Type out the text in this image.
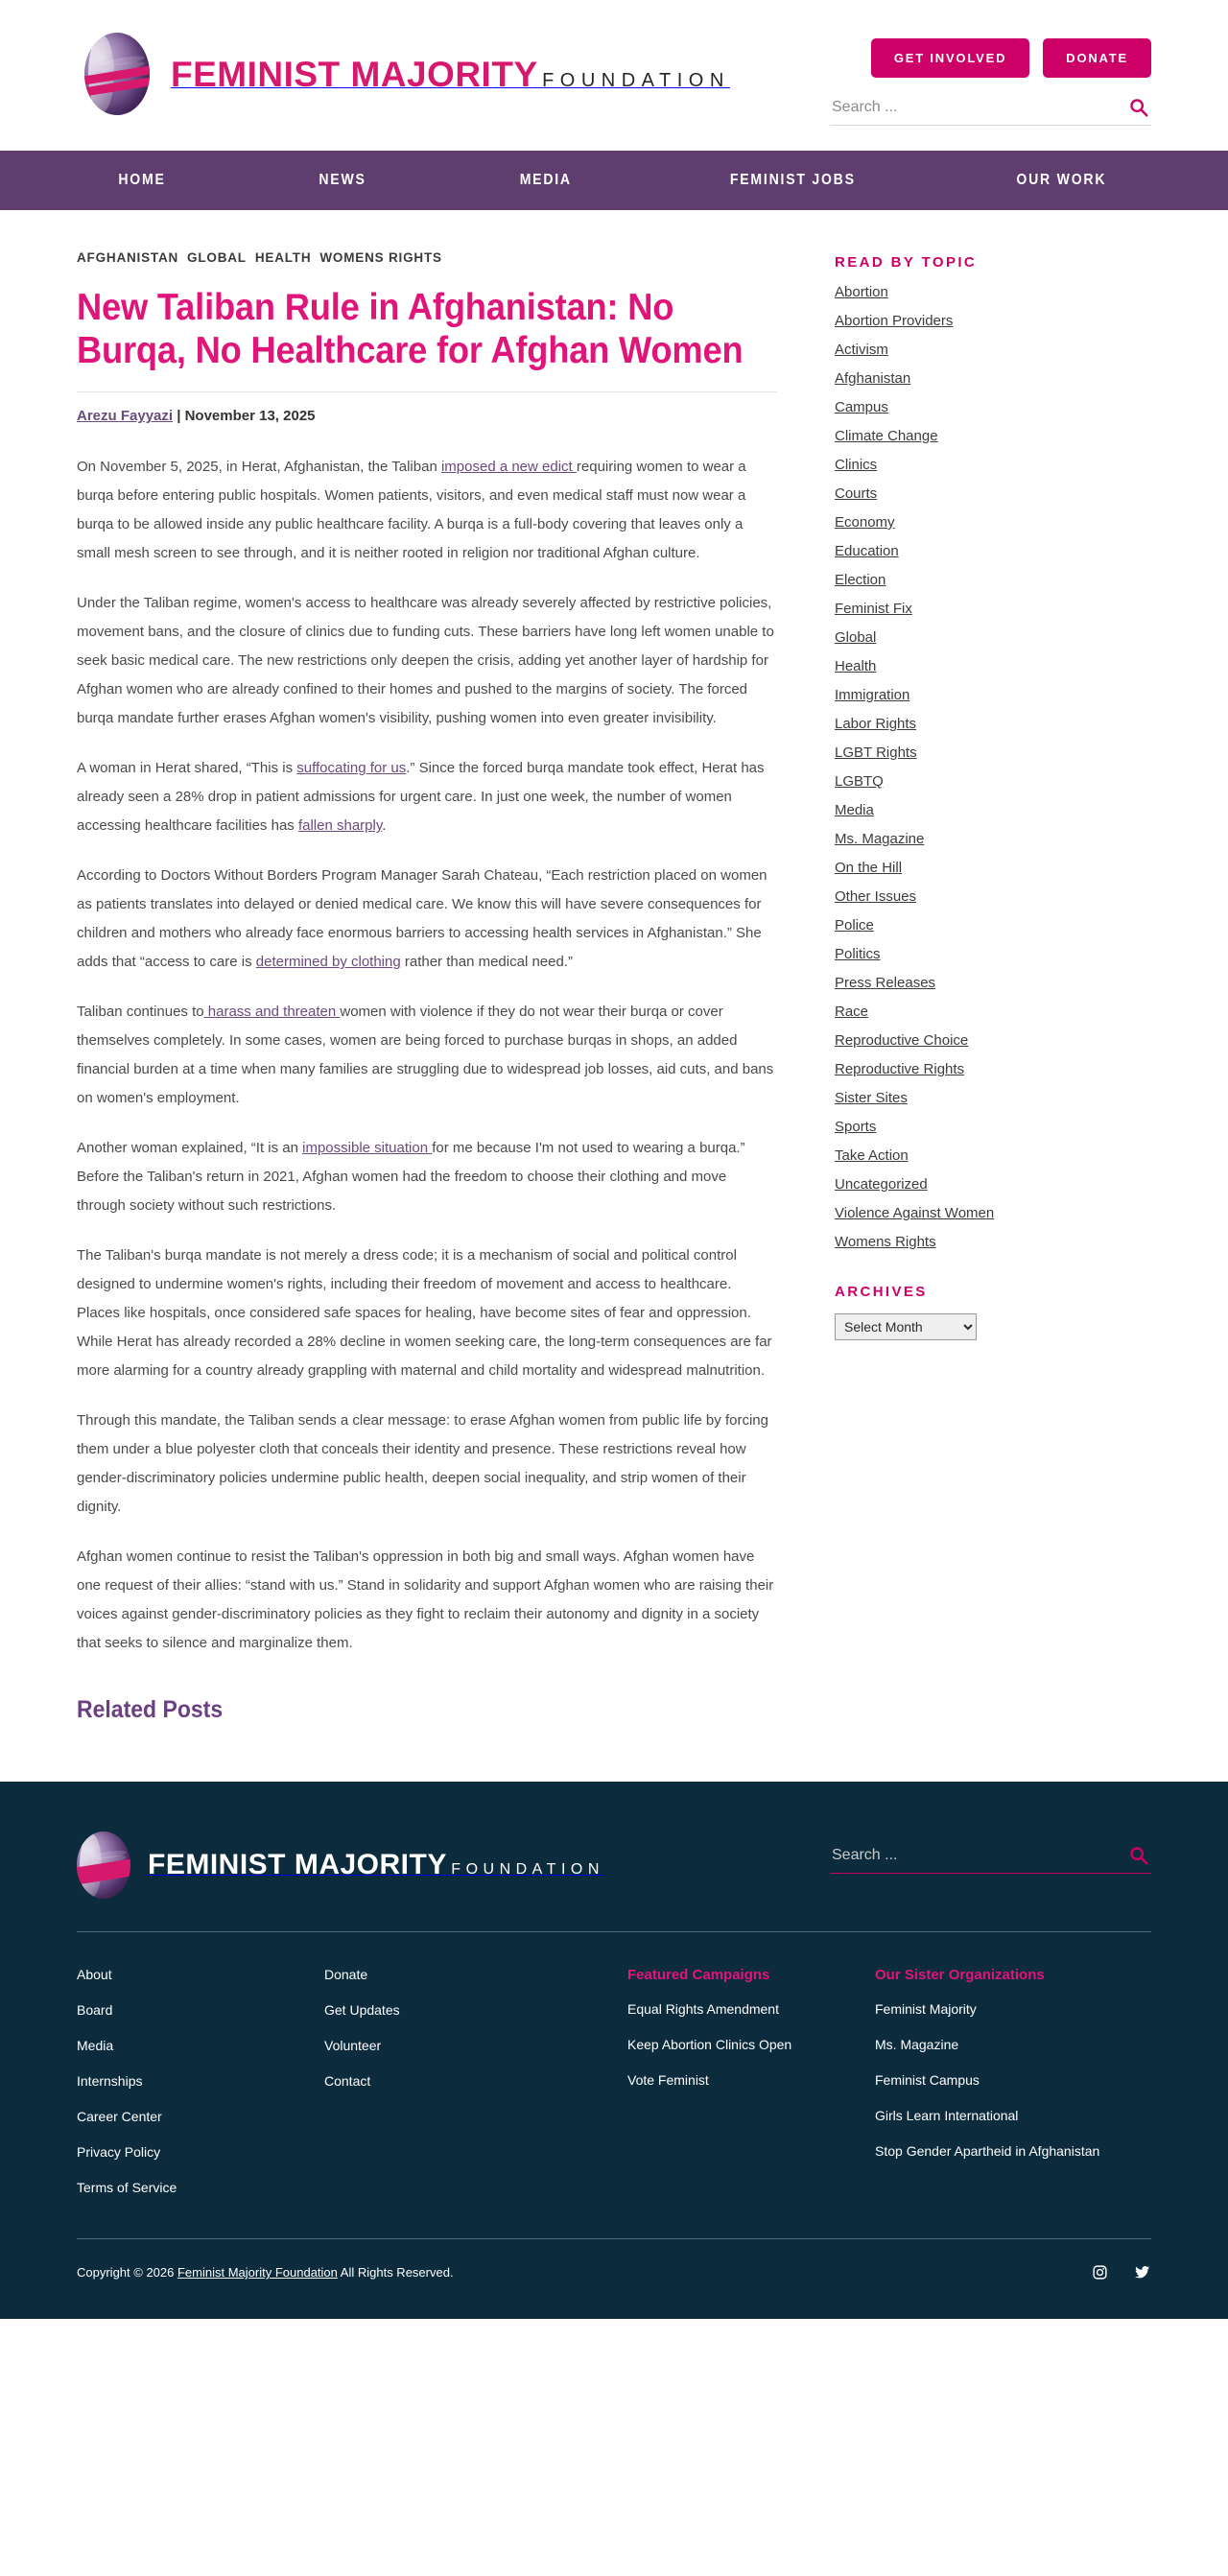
FEMINIST MAJORITY FOUNDATION
GET INVOLVED	DONATE
Search ...
HOME	NEWS	MEDIA	FEMINIST JOBS	OUR WORK
AFGHANISTAN GLOBAL HEALTH WOMENS RIGHTS
New Taliban Rule in Afghanistan: No Burqa, No Healthcare for Afghan Women
Arezu Fayyazi | November 13, 2025

On November 5, 2025, in Herat, Afghanistan, the Taliban imposed a new edict requiring women to wear a burqa before entering public hospitals. Women patients, visitors, and even medical staff must now wear a burqa to be allowed inside any public healthcare facility. A burqa is a full-body covering that leaves only a small mesh screen to see through, and it is neither rooted in religion nor traditional Afghan culture.

Under the Taliban regime, women's access to healthcare was already severely affected by restrictive policies, movement bans, and the closure of clinics due to funding cuts. These barriers have long left women unable to seek basic medical care. The new restrictions only deepen the crisis, adding yet another layer of hardship for Afghan women who are already confined to their homes and pushed to the margins of society. The forced burqa mandate further erases Afghan women's visibility, pushing women into even greater invisibility.

A woman in Herat shared, “This is suffocating for us.” Since the forced burqa mandate took effect, Herat has already seen a 28% drop in patient admissions for urgent care. In just one week, the number of women accessing healthcare facilities has fallen sharply.

According to Doctors Without Borders Program Manager Sarah Chateau, “Each restriction placed on women as patients translates into delayed or denied medical care. We know this will have severe consequences for children and mothers who already face enormous barriers to accessing health services in Afghanistan.” She adds that “access to care is determined by clothing rather than medical need.”

Taliban continues to harass and threaten women with violence if they do not wear their burqa or cover themselves completely. In some cases, women are being forced to purchase burqas in shops, an added financial burden at a time when many families are struggling due to widespread job losses, aid cuts, and bans on women's employment.

Another woman explained, “It is an impossible situation for me because I'm not used to wearing a burqa.” Before the Taliban's return in 2021, Afghan women had the freedom to choose their clothing and move through society without such restrictions.

The Taliban's burqa mandate is not merely a dress code; it is a mechanism of social and political control designed to undermine women's rights, including their freedom of movement and access to healthcare. Places like hospitals, once considered safe spaces for healing, have become sites of fear and oppression. While Herat has already recorded a 28% decline in women seeking care, the long-term consequences are far more alarming for a country already grappling with maternal and child mortality and widespread malnutrition.

Through this mandate, the Taliban sends a clear message: to erase Afghan women from public life by forcing them under a blue polyester cloth that conceals their identity and presence. These restrictions reveal how gender-discriminatory policies undermine public health, deepen social inequality, and strip women of their dignity.

Afghan women continue to resist the Taliban's oppression in both big and small ways. Afghan women have one request of their allies: “stand with us.” Stand in solidarity and support Afghan women who are raising their voices against gender-discriminatory policies as they fight to reclaim their autonomy and dignity in a society that seeks to silence and marginalize them.

Related Posts
READ BY TOPIC
Abortion
Abortion Providers
Activism
Afghanistan
Campus
Climate Change
Clinics
Courts
Economy
Education
Election
Feminist Fix
Global
Health
Immigration
Labor Rights
LGBT Rights
LGBTQ
Media
Ms. Magazine
On the Hill
Other Issues
Police
Politics
Press Releases
Race
Reproductive Choice
Reproductive Rights
Sister Sites
Sports
Take Action
Uncategorized
Violence Against Women
Womens Rights
ARCHIVES
Select Month
FEMINIST MAJORITY FOUNDATION
Search ...
About
Board
Media
Internships
Career Center
Privacy Policy
Terms of Service
Donate
Get Updates
Volunteer
Contact
Featured Campaigns
Equal Rights Amendment
Keep Abortion Clinics Open
Vote Feminist
Our Sister Organizations
Feminist Majority
Ms. Magazine
Feminist Campus
Girls Learn International
Stop Gender Apartheid in Afghanistan
Copyright © 2026 Feminist Majority Foundation All Rights Reserved.
